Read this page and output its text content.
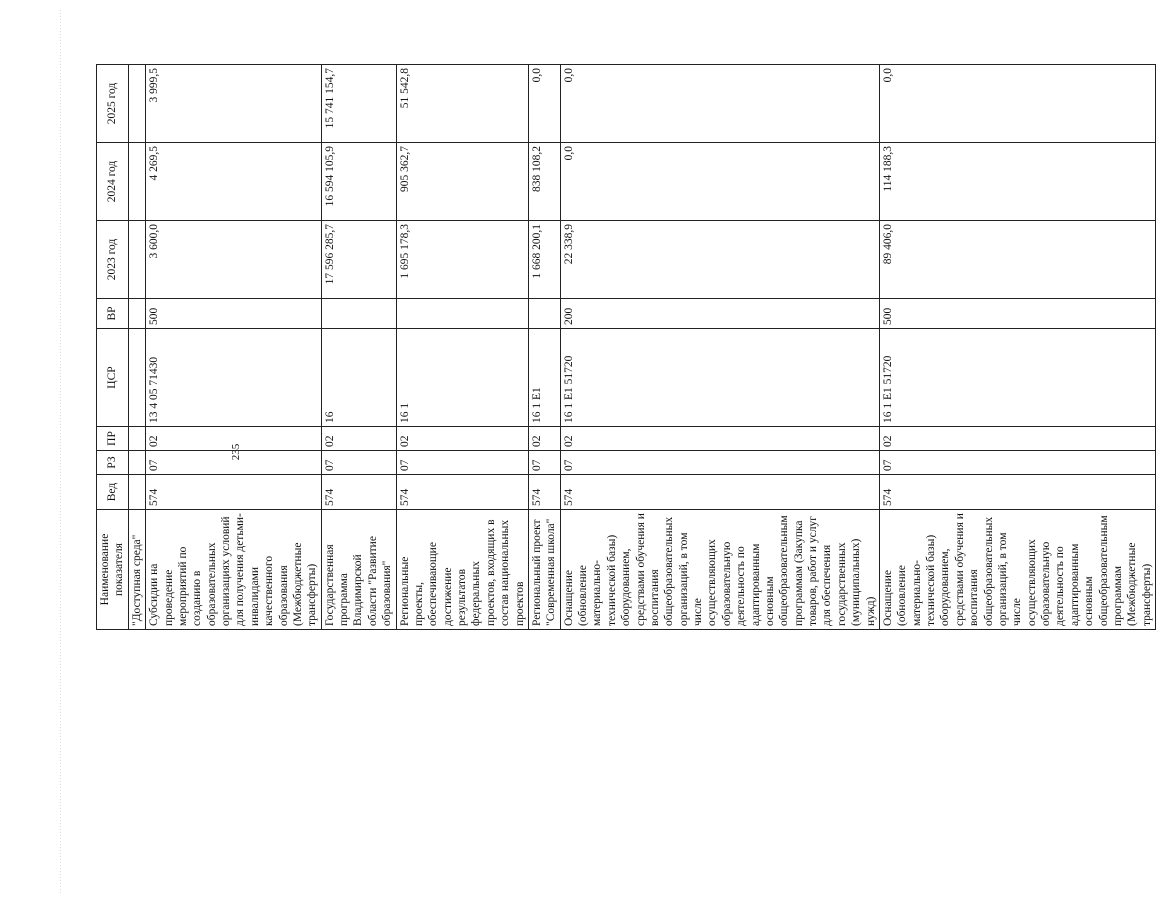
235
Наименование показателя	Вед	РЗ	ПР	ЦСР	ВР	2023 год	2024 год	2025 год
"Доступная среда"								
Субсидии на проведение мероприятий по созданию в образовательных организациях условий для получения детьми-инвалидами качественного образования (Межбюджетные трансферты)	574	07	02	13 4 05 71430	500	3 600,0	4 269,5	3 999,5
Государственная программа Владимирской области "Развитие образования"	574	07	02	16		17 596 285,7	16 594 105,9	15 741 154,7
Региональные проекты, обеспечивающие достижение результатов федеральных проектов, входящих в состав национальных проектов	574	07	02	16 1		1 695 178,3	905 362,7	51 542,8
Региональный проект "Современная школа"	574	07	02	16 1 E1		1 668 200,1	838 108,2	0,0
Оснащение (обновление материально-технической базы) оборудованием, средствами обучения и воспитания общеобразовательных организаций, в том числе осуществляющих образовательную деятельность по адаптированным основным общеобразовательным программам (Закупка товаров, работ и услуг для обеспечения государственных (муниципальных) нужд)	574	07	02	16 1 E1 51720	200	22 338,9	0,0	0,0
Оснащение (обновление материально-технической базы) оборудованием, средствами обучения и воспитания общеобразовательных организаций, в том числе осуществляющих образовательную деятельность по адаптированным основным общеобразовательным программам (Межбюджетные трансферты)	574	07	02	16 1 E1 51720	500	89 406,0	114 188,3	0,0
